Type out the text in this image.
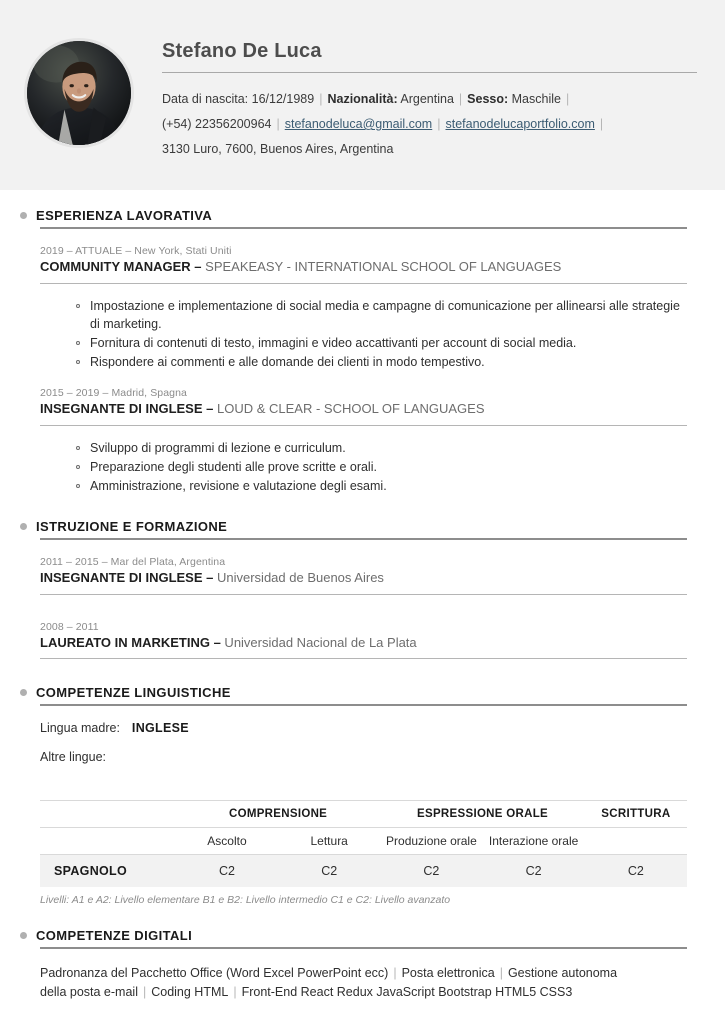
Stefano De Luca
Data di nascita: 16/12/1989 | Nazionalità: Argentina | Sesso: Maschile |
(+54) 22356200964 | stefanodeluca@gmail.com | stefanodelucaportfolio.com |
3130 Luro, 7600, Buenos Aires, Argentina
ESPERIENZA LAVORATIVA
2019 – ATTUALE – New York, Stati Uniti
COMMUNITY MANAGER – SPEAKEASY - INTERNATIONAL SCHOOL OF LANGUAGES
Impostazione e implementazione di social media e campagne di comunicazione per allinearsi alle strategie di marketing.
Fornitura di contenuti di testo, immagini e video accattivanti per account di social media.
Rispondere ai commenti e alle domande dei clienti in modo tempestivo.
2015 – 2019 – Madrid, Spagna
INSEGNANTE DI INGLESE – LOUD & CLEAR - SCHOOL OF LANGUAGES
Sviluppo di programmi di lezione e curriculum.
Preparazione degli studenti alle prove scritte e orali.
Amministrazione, revisione e valutazione degli esami.
ISTRUZIONE E FORMAZIONE
2011 – 2015 – Mar del Plata, Argentina
INSEGNANTE DI INGLESE – Universidad de Buenos Aires
2008 – 2011
LAUREATO IN MARKETING – Universidad Nacional de La Plata
COMPETENZE LINGUISTICHE
Lingua madre: INGLESE
Altre lingue:
	COMPRENSIONE		ESPRESSIONE ORALE		SCRITTURA
	Ascolto	Lettura	Produzione orale	Interazione orale	
SPAGNOLO	C2	C2	C2	C2	C2
Livelli: A1 e A2: Livello elementare B1 e B2: Livello intermedio C1 e C2: Livello avanzato
COMPETENZE DIGITALI
Padronanza del Pacchetto Office (Word Excel PowerPoint ecc) | Posta elettronica | Gestione autonoma della posta e-mail | Coding HTML | Front-End React Redux JavaScript Bootstrap HTML5 CSS3
